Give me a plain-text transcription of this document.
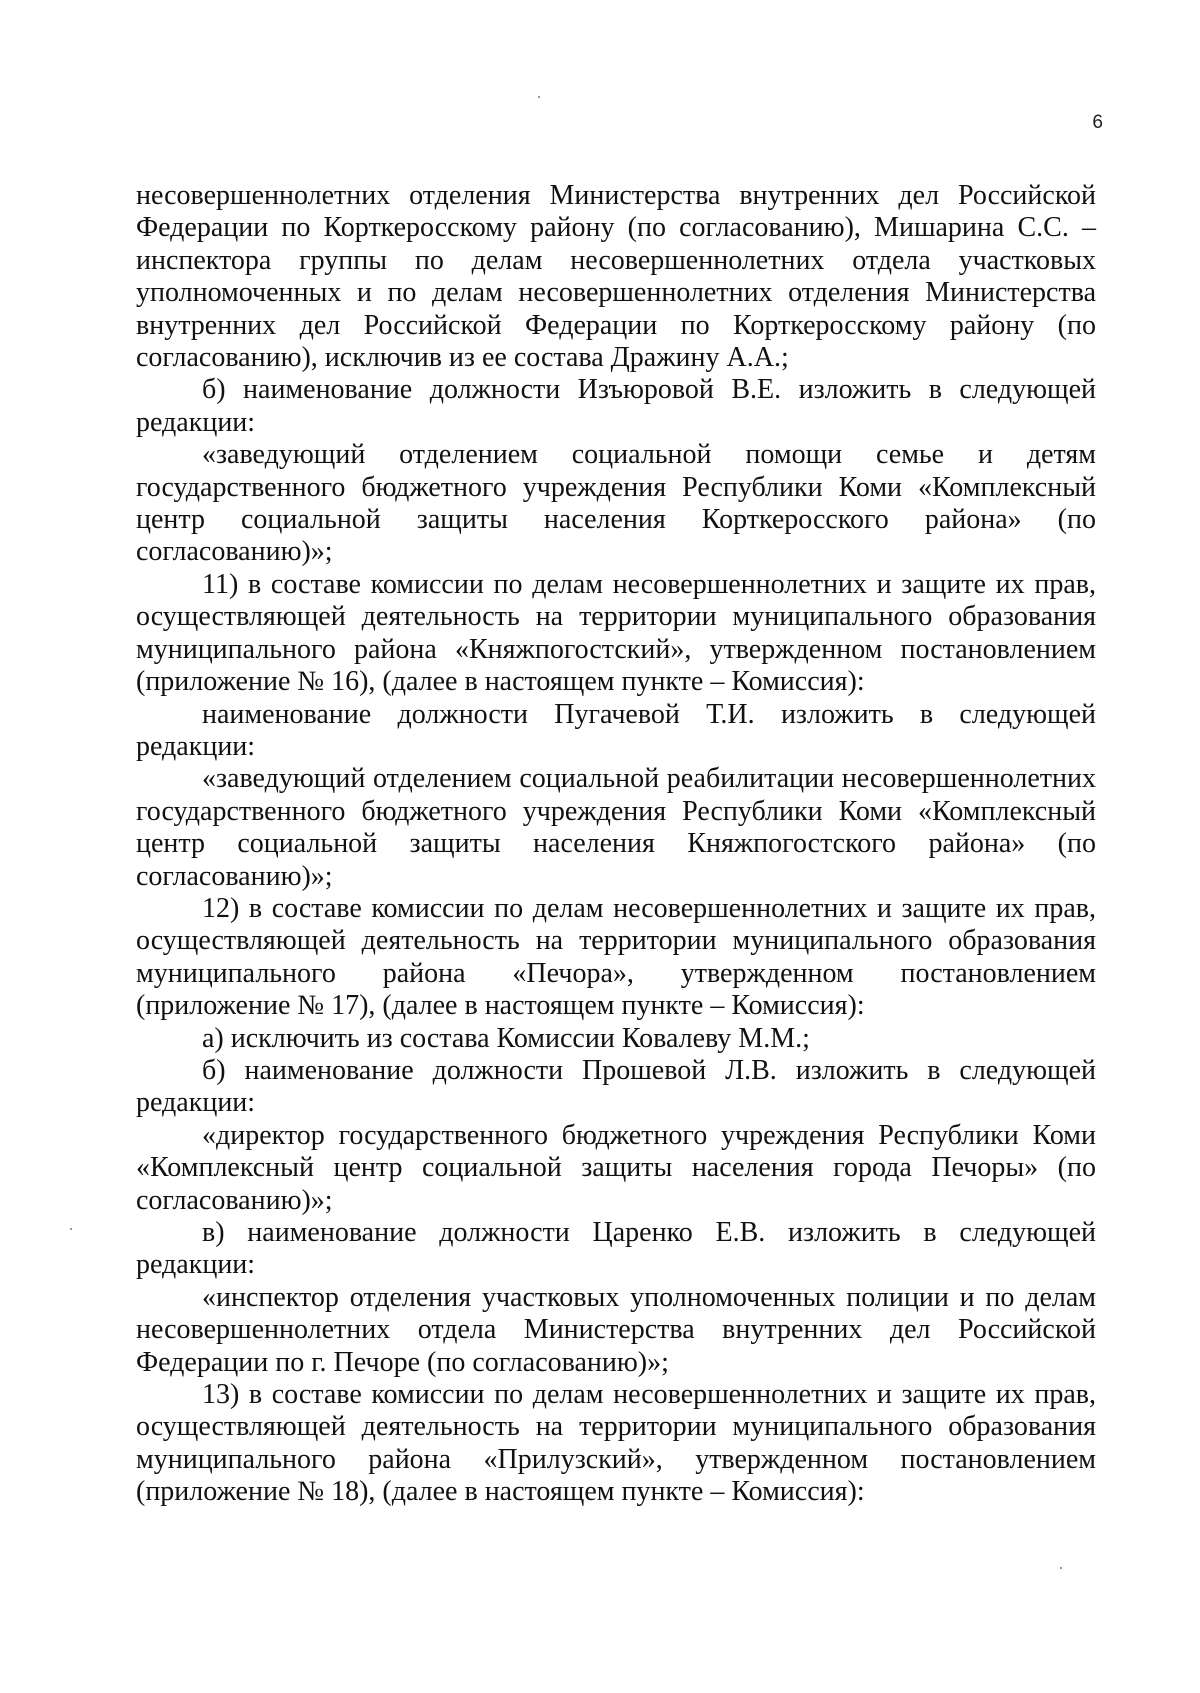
6

несовершеннолетних отделения Министерства внутренних дел Российской Федерации по Корткеросскому району (по согласованию), Мишарина С.С. – инспектора группы по делам несовершеннолетних отдела участковых уполномоченных и по делам несовершеннолетних отделения Министерства внутренних дел Российской Федерации по Корткеросскому району (по согласованию), исключив из ее состава Дражину А.А.;

б) наименование должности Изъюровой В.Е. изложить в следующей редакции:

«заведующий отделением социальной помощи семье и детям государственного бюджетного учреждения Республики Коми «Комплексный центр социальной защиты населения Корткеросского района» (по согласованию)»;

11) в составе комиссии по делам несовершеннолетних и защите их прав, осуществляющей деятельность на территории муниципального образования муниципального района «Княжпогостский», утвержденном постановлением (приложение № 16), (далее в настоящем пункте – Комиссия):

наименование должности Пугачевой Т.И. изложить в следующей редакции:

«заведующий отделением социальной реабилитации несовершеннолетних государственного бюджетного учреждения Республики Коми «Комплексный центр социальной защиты населения Княжпогостского района» (по согласованию)»;

12) в составе комиссии по делам несовершеннолетних и защите их прав, осуществляющей деятельность на территории муниципального образования муниципального района «Печора», утвержденном постановлением (приложение № 17), (далее в настоящем пункте – Комиссия):

а) исключить из состава Комиссии Ковалеву М.М.;

б) наименование должности Прошевой Л.В. изложить в следующей редакции:

«директор государственного бюджетного учреждения Республики Коми «Комплексный центр социальной защиты населения города Печоры» (по согласованию)»;

в) наименование должности Царенко Е.В. изложить в следующей редакции:

«инспектор отделения участковых уполномоченных полиции и по делам несовершеннолетних отдела Министерства внутренних дел Российской Федерации по г. Печоре (по согласованию)»;

13) в составе комиссии по делам несовершеннолетних и защите их прав, осуществляющей деятельность на территории муниципального образования муниципального района «Прилузский», утвержденном постановлением (приложение № 18), (далее в настоящем пункте – Комиссия):
